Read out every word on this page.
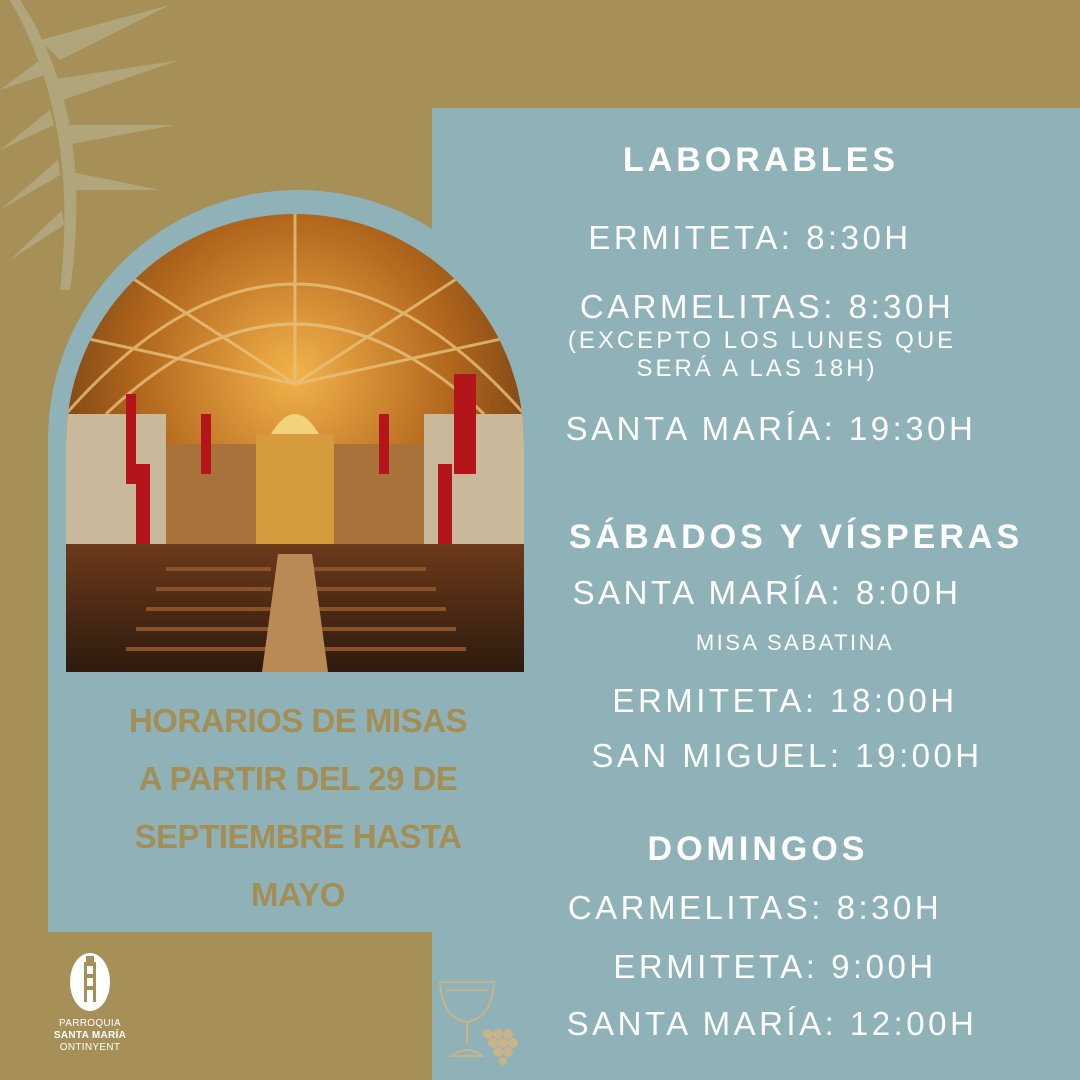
HORARIOS DE MISAS
A PARTIR DEL 29 DE
SEPTIEMBRE HASTA
MAYO
LABORABLES
ERMITETA: 8:30H
CARMELITAS: 8:30H
(EXCEPTO LOS LUNES QUE
SERÁ A LAS 18H)
SANTA MARÍA: 19:30H
SÁBADOS Y VÍSPERAS
SANTA MARÍA: 8:00H
MISA SABATINA
ERMITETA: 18:00H
SAN MIGUEL: 19:00H
DOMINGOS
CARMELITAS: 8:30H
ERMITETA: 9:00H
SANTA MARÍA: 12:00H
PARROQUIA
SANTA MARÍA
ONTINYENT
